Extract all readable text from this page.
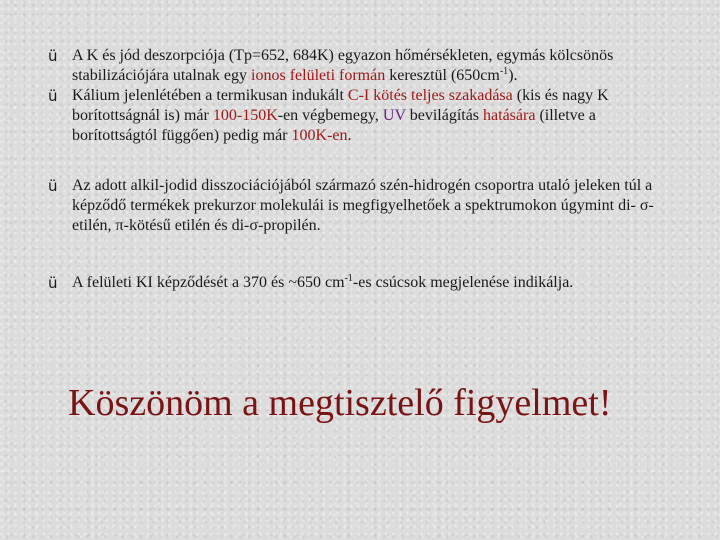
ü A K és jód deszorpciója (Tp=652, 684K) egyazon hőmérsékleten, egymás kölcsönös stabilizációjára utalnak egy ionos felületi formán keresztül $(650cm^{-1})$.
ü Kálium jelenlétében a termikusan indukált C-I kötés teljes szakadása (kis és nagy K borítottságnál is) már 100-150K-en végbemegy, UV bevilágítás hatására (illetve a borítottságtól függően) pedig már 100K-en.
ü Az adott alkil-jodid disszociációjából származó szén-hidrogén csoportra utaló jeleken túl a képződő termékek prekurzor molekulái is megfigyelhetőek a spektrumokon úgymint di- σ-etilén, π-kötésű etilén és di-σ-propilén.
ü A felületi KI képződését a 370 és ~650 $cm^{-1}-es$ csúcsok megjelenése indikálja.
Köszönöm a megtisztelő figyelmet!
